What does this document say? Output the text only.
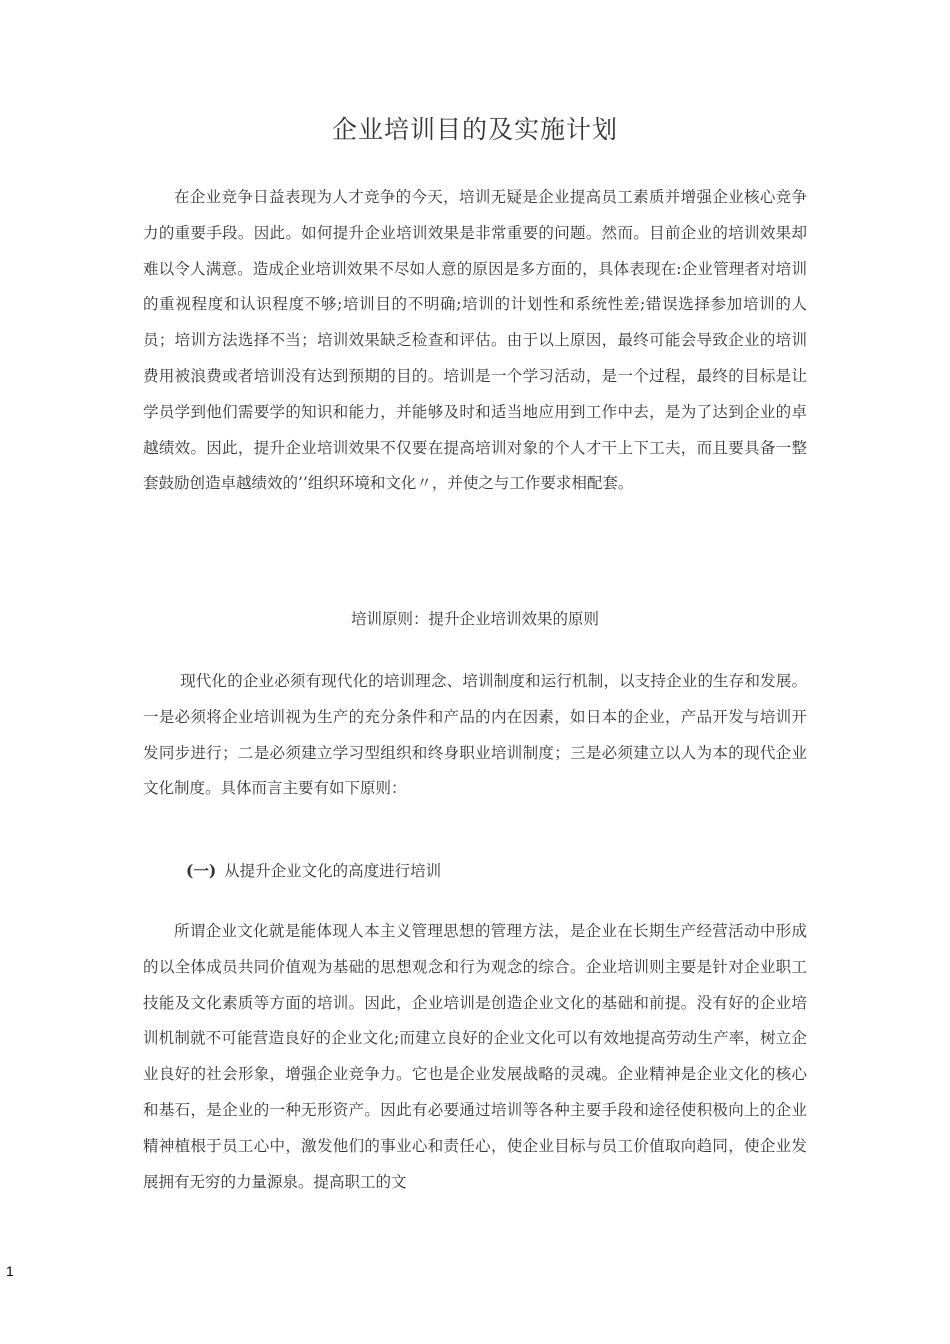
企业培训目的及实施计划
在企业竞争日益表现为人才竞争的今天，培训无疑是企业提高员工素质并增强企业核心竞争力的重要手段。因此。如何提升企业培训效果是非常重要的问题。然而。目前企业的培训效果却难以令人满意。造成企业培训效果不尽如人意的原因是多方面的，具体表现在:企业管理者对培训的重视程度和认识程度不够;培训目的不明确;培训的计划性和系统性差;错误选择参加培训的人员；培训方法选择不当；培训效果缺乏检查和评估。由于以上原因，最终可能会导致企业的培训费用被浪费或者培训没有达到预期的目的。培训是一个学习活动，是一个过程，最终的目标是让学员学到他们需要学的知识和能力，并能够及时和适当地应用到工作中去，是为了达到企业的卓越绩效。因此，提升企业培训效果不仅要在提高培训对象的个人才干上下工夫，而且要具备一整套鼓励创造卓越绩效的’’组织环境和文化〃，并使之与工作要求相配套。
培训原则：提升企业培训效果的原则
现代化的企业必须有现代化的培训理念、培训制度和运行机制，以支持企业的生存和发展。一是必须将企业培训视为生产的充分条件和产品的内在因素，如日本的企业，产品开发与培训开发同步进行；二是必须建立学习型组织和终身职业培训制度；三是必须建立以人为本的现代企业文化制度。具体而言主要有如下原则：
(一) 从提升企业文化的高度进行培训
所谓企业文化就是能体现人本主义管理思想的管理方法，是企业在长期生产经营活动中形成的以全体成员共同价值观为基础的思想观念和行为观念的综合。企业培训则主要是针对企业职工技能及文化素质等方面的培训。因此，企业培训是创造企业文化的基础和前提。没有好的企业培训机制就不可能营造良好的企业文化;而建立良好的企业文化可以有效地提高劳动生产率，树立企业良好的社会形象，增强企业竞争力。它也是企业发展战略的灵魂。企业精神是企业文化的核心和基石，是企业的一种无形资产。因此有必要通过培训等各种主要手段和途径使积极向上的企业精神植根于员工心中，激发他们的事业心和责任心，使企业目标与员工价值取向趋同，使企业发展拥有无穷的力量源泉。提高职工的文
1
